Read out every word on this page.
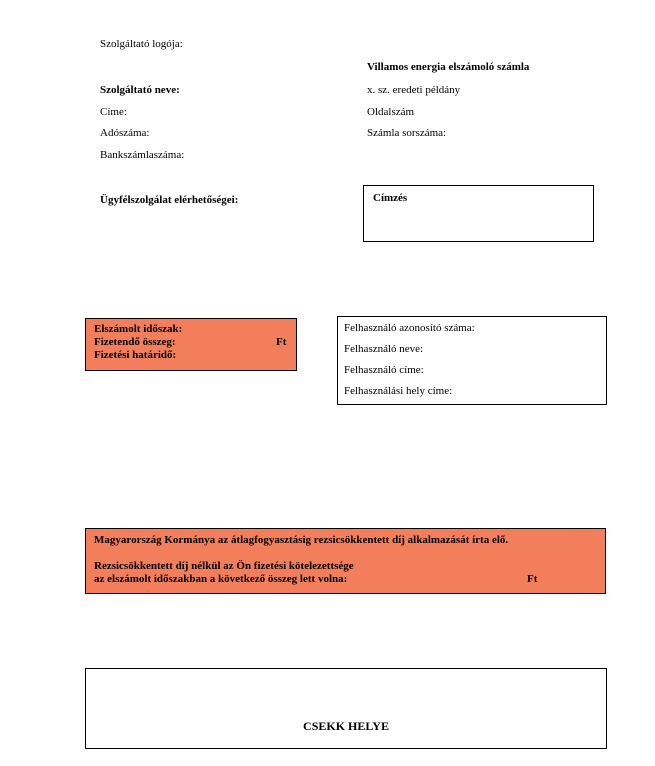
Szolgáltató logója:
Szolgáltató neve:
Címe:
Adószáma:
Bankszámlaszáma:
Ügyfélszolgálat elérhetőségei:
Villamos energia elszámoló számla
x. sz. eredeti példány
Oldalszám
Számla sorszáma:
Címzés
Elszámolt időszak:
Fizetendő összeg:	Ft
Fizetési határidő:
Felhasználó azonosító száma:
Felhasználó neve:
Felhasználó címe:
Felhasználási hely címe:
Magyarország Kormánya az átlagfogyasztásig rezsicsökkentett díj alkalmazását írta elő.
Rezsicsökkentett díj nélkül az Ön fizetési kötelezettsége
az elszámolt időszakban a következő összeg lett volna:	Ft
CSEKK HELYE
